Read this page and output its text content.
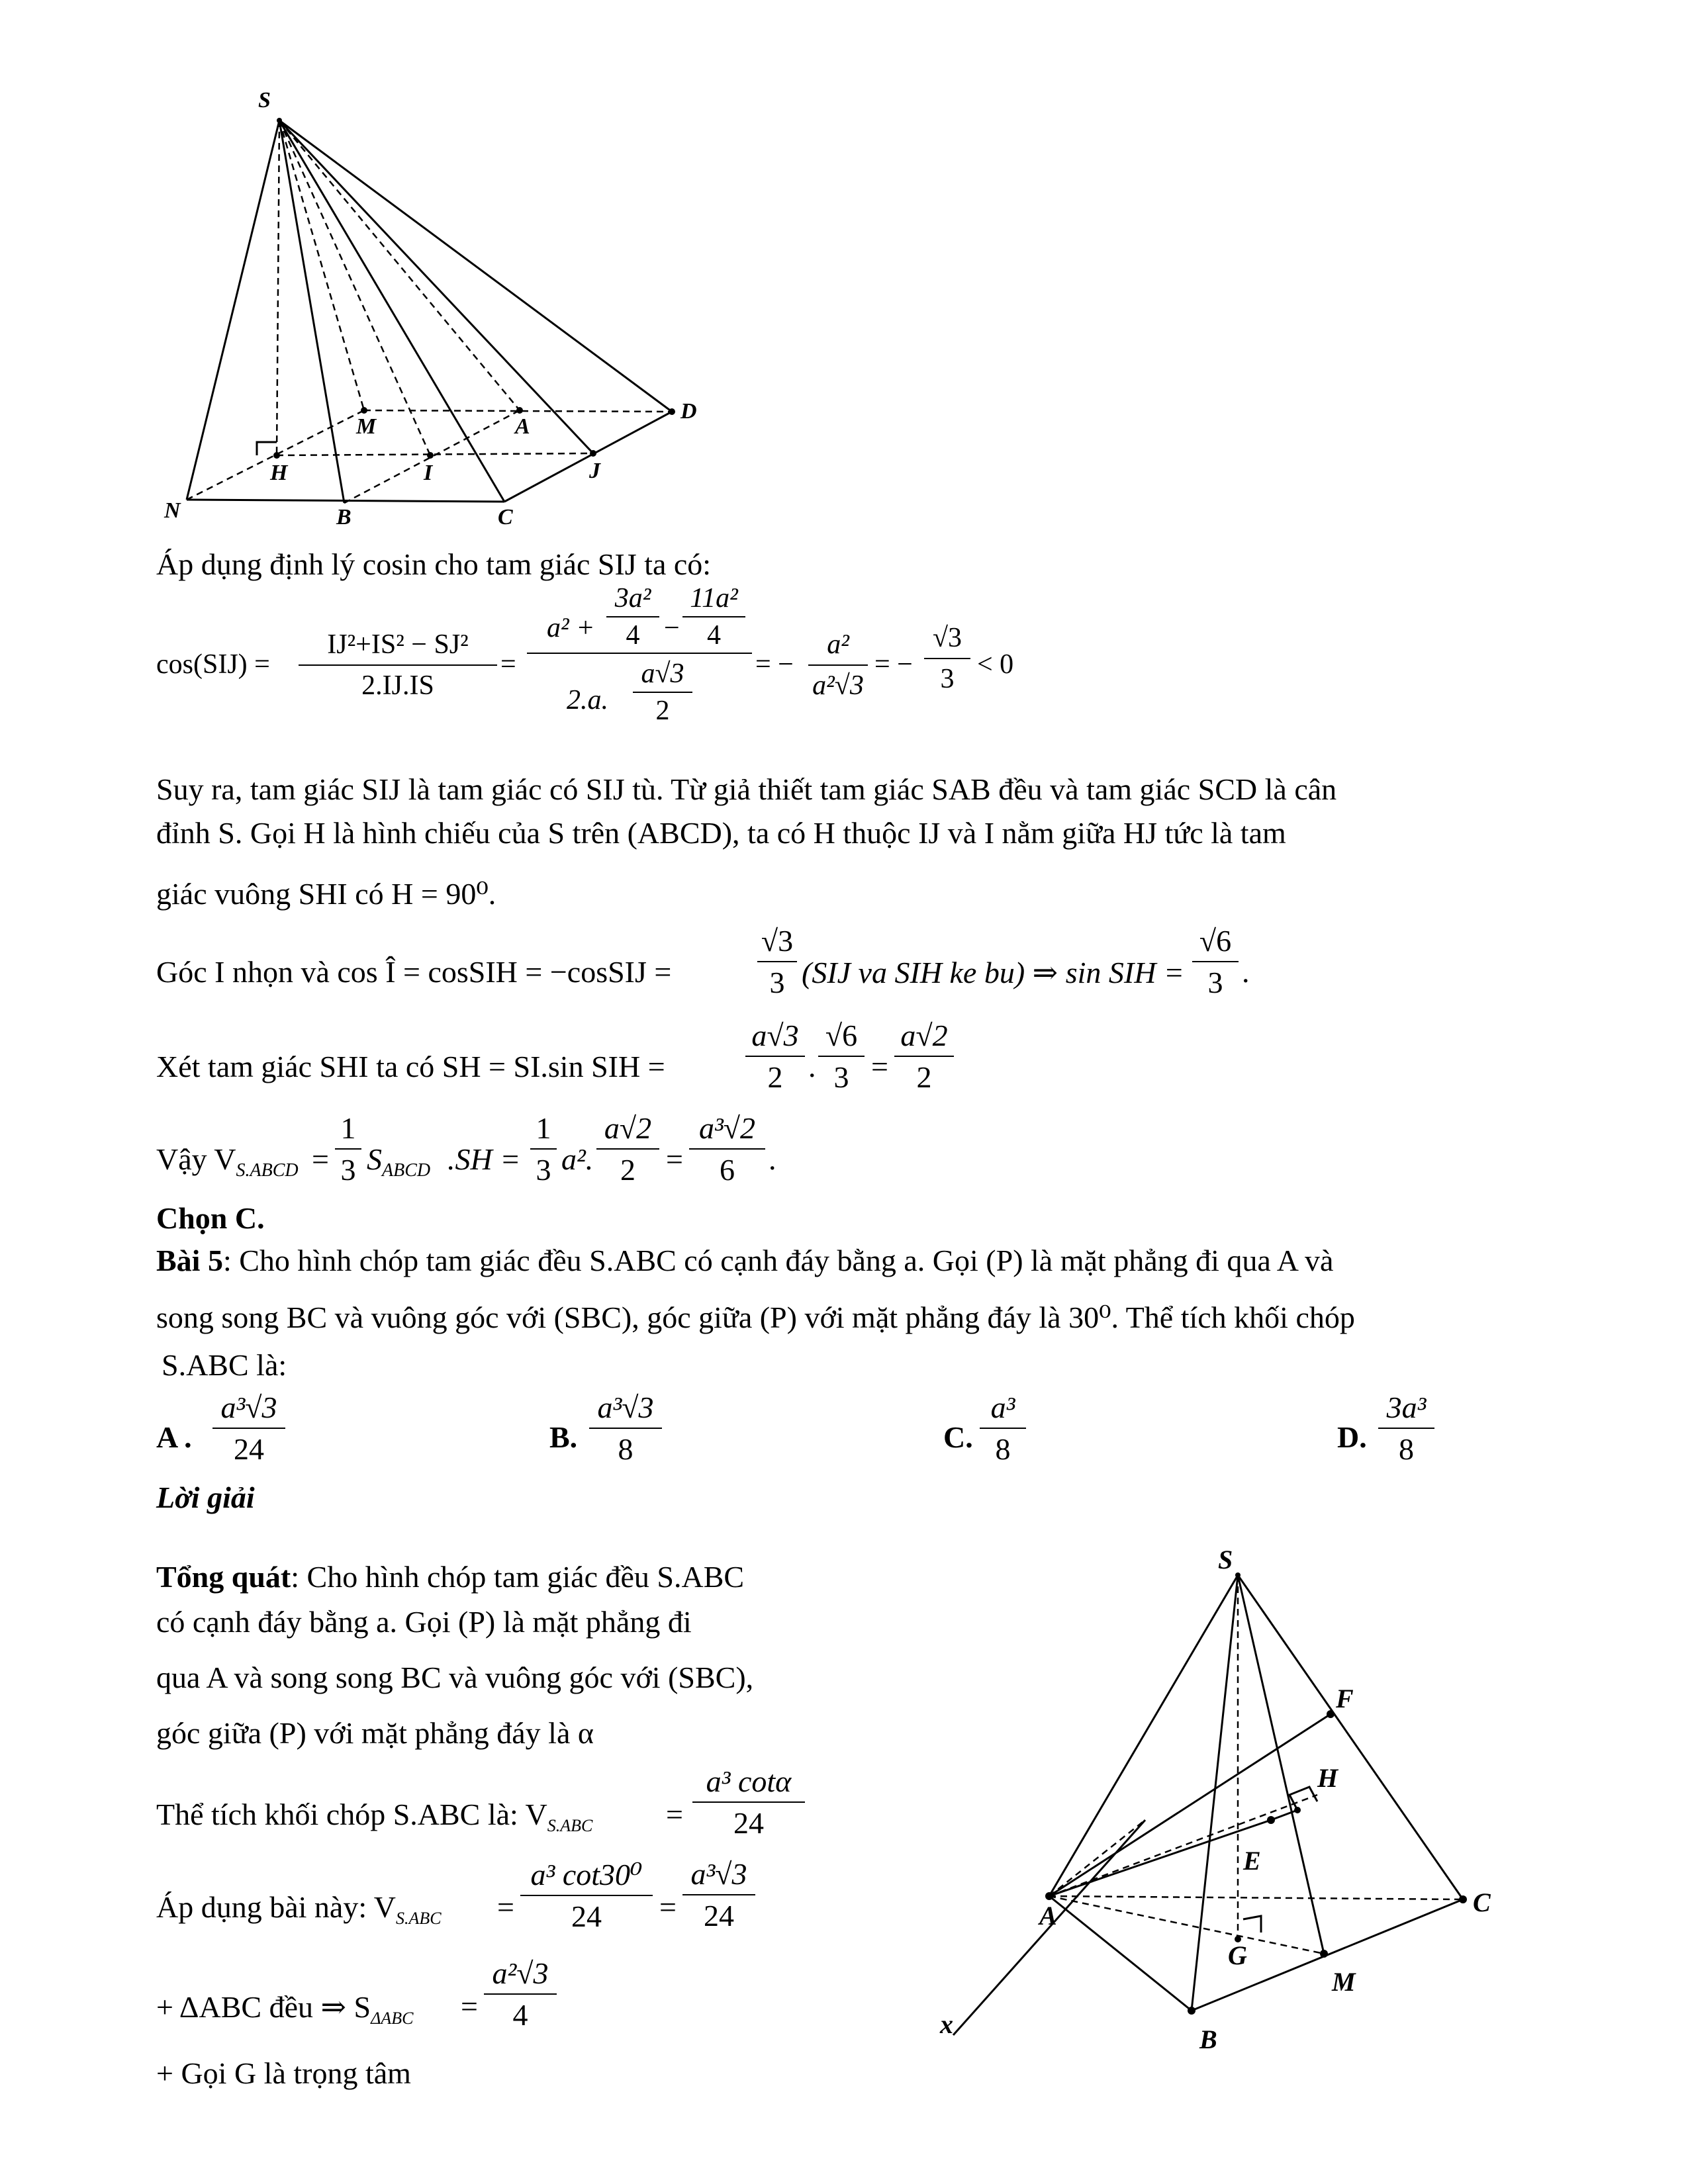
S
M	A
D
H	I	J
N	B	C
Áp dụng định lý cosin cho tam giác SIJ ta có:
cos(SIJ) =
IJ²+IS² − SJ²
2.IJ.IS
=
a² +
3a²
4 −
11a²
4
2.a.
a√3
2
= −
a²
a²√3
= −
√3
3 < 0
Suy ra, tam giác SIJ là tam giác có SIJ tù. Từ giả thiết tam giác SAB đều và tam giác SCD là cân
đỉnh S. Gọi H là hình chiếu của S trên (ABCD), ta có H thuộc IJ và I nằm giữa HJ tức là tam
giác vuông SHI có H = 90⁰.
Góc I nhọn và cos Î = cosSIH = −cosSIJ =
√3
3 (SIJ va SIH ke bu) ⇒ sin SIH =
√6
3 .
Xét tam giác SHI ta có SH = SI.sin SIH =
a√3
2 .
√6
3 =
a√2
2
Vậy $V_{S.ABCD}$ =
1
3 $S_{ABCD}$ .SH =
1
3 a².
a√2
2	=
a³√2
6	.
Chọn C.
Bài 5: Cho hình chóp tam giác đều S.ABC có cạnh đáy bằng a. Gọi (P) là mặt phẳng đi qua A và
song song BC và vuông góc với (SBC), góc giữa (P) với mặt phẳng đáy là 30⁰. Thể tích khối chóp
S.ABC là:
A .
a³√3
24	B.
a³√3
8	C.
a³
8	D.
3a³
8
Lời giải
Tổng quát: Cho hình chóp tam giác đều S.ABC
có cạnh đáy bằng a. Gọi (P) là mặt phẳng đi
qua A và song song BC và vuông góc với (SBC),
góc giữa (P) với mặt phẳng đáy là α
Thể tích khối chóp S.ABC là: $V_{S.ABC}$ =
a³ cotα
24
Áp dụng bài này: $V_{S.ABC}$ =
a³ cot30⁰
24	=
a³√3
24
+ ΔABC đều ⇒ $S_{\Delta ABC}$ =
a²√3
4
+ Gọi G là trọng tâm
S
F
H
E
C
A
G
M
x
B
